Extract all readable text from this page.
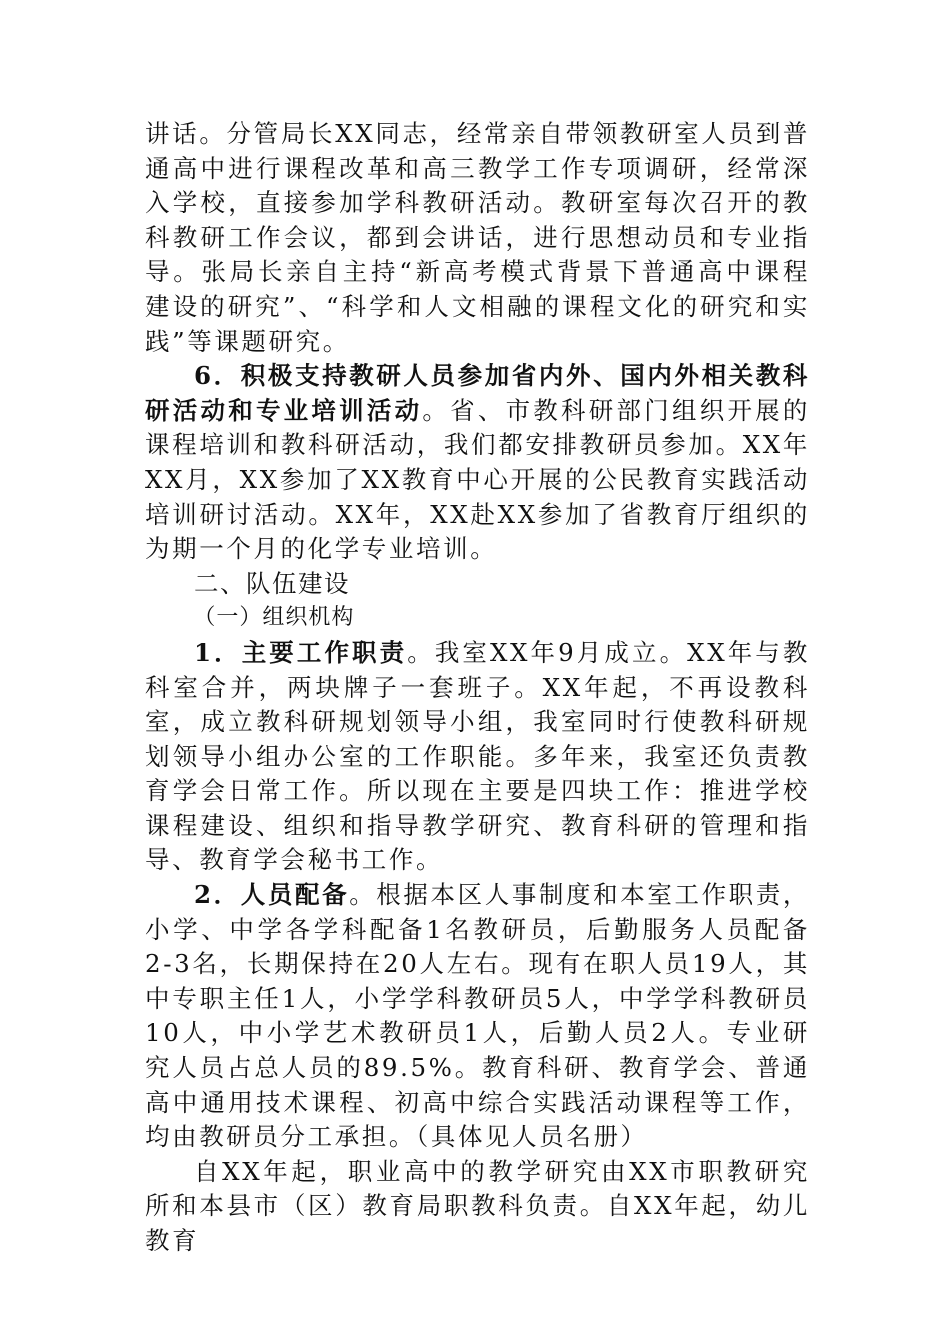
讲话。分管局长XX同志，经常亲自带领教研室人员到普通高中进行课程改革和高三教学工作专项调研，经常深入学校，直接参加学科教研活动。教研室每次召开的教科教研工作会议，都到会讲话，进行思想动员和专业指导。张局长亲自主持“新高考模式背景下普通高中课程建设的研究”、“科学和人文相融的课程文化的研究和实践”等课题研究。

6．积极支持教研人员参加省内外、国内外相关教科研活动和专业培训活动。省、市教科研部门组织开展的课程培训和教科研活动，我们都安排教研员参加。XX年XX月，XX参加了XX教育中心开展的公民教育实践活动培训研讨活动。XX年，XX赴XX参加了省教育厅组织的为期一个月的化学专业培训。

二、队伍建设

（一）组织机构

1．主要工作职责。我室XX年9月成立。XX年与教科室合并，两块牌子一套班子。XX年起，不再设教科室，成立教科研规划领导小组，我室同时行使教科研规划领导小组办公室的工作职能。多年来，我室还负责教育学会日常工作。所以现在主要是四块工作：推进学校课程建设、组织和指导教学研究、教育科研的管理和指导、教育学会秘书工作。

2．人员配备。根据本区人事制度和本室工作职责，小学、中学各学科配备1名教研员，后勤服务人员配备2-3名，长期保持在20人左右。现有在职人员19人，其中专职主任1人，小学学科教研员5人，中学学科教研员10人，中小学艺术教研员1人，后勤人员2人。专业研究人员占总人员的89.5%。教育科研、教育学会、普通高中通用技术课程、初高中综合实践活动课程等工作，均由教研员分工承担。（具体见人员名册）

自XX年起，职业高中的教学研究由XX市职教研究所和本县市（区）教育局职教科负责。自XX年起，幼儿教育
